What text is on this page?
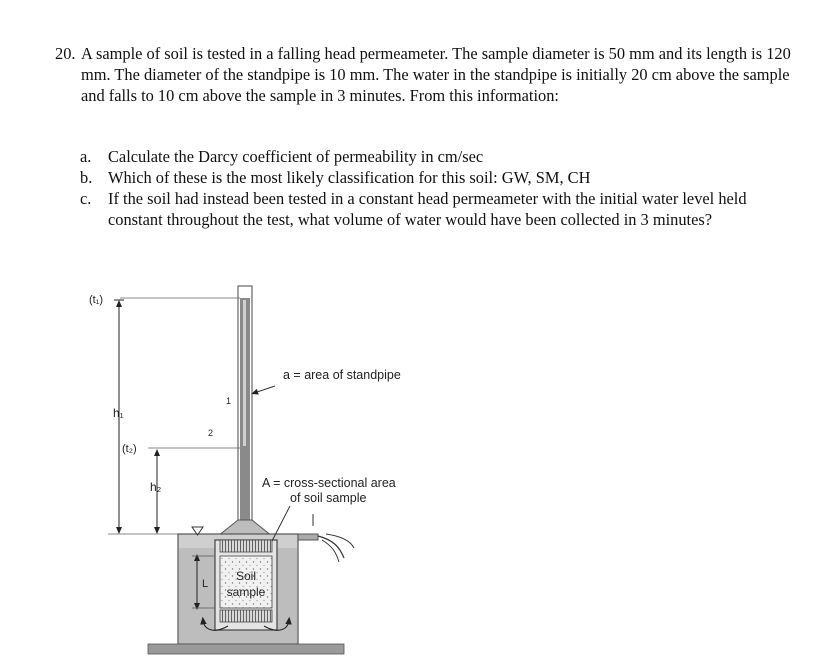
20. A sample of soil is tested in a falling head permeameter. The sample diameter is 50 mm and its length is 120 mm. The diameter of the standpipe is 10 mm. The water in the standpipe is initially 20 cm above the sample and falls to 10 cm above the sample in 3 minutes. From this information:

a. Calculate the Darcy coefficient of permeability in cm/sec

b. Which of these is the most likely classification for this soil: GW, SM, CH

c. If the soil had instead been tested in a constant head permeameter with the initial water level held constant throughout the test, what volume of water would have been collected in 3 minutes?

(t₁)
h₁
(t₂)
h₂
1
2
Soil
sample
L
a = area of standpipe
A = cross-sectional area
of soil sample
